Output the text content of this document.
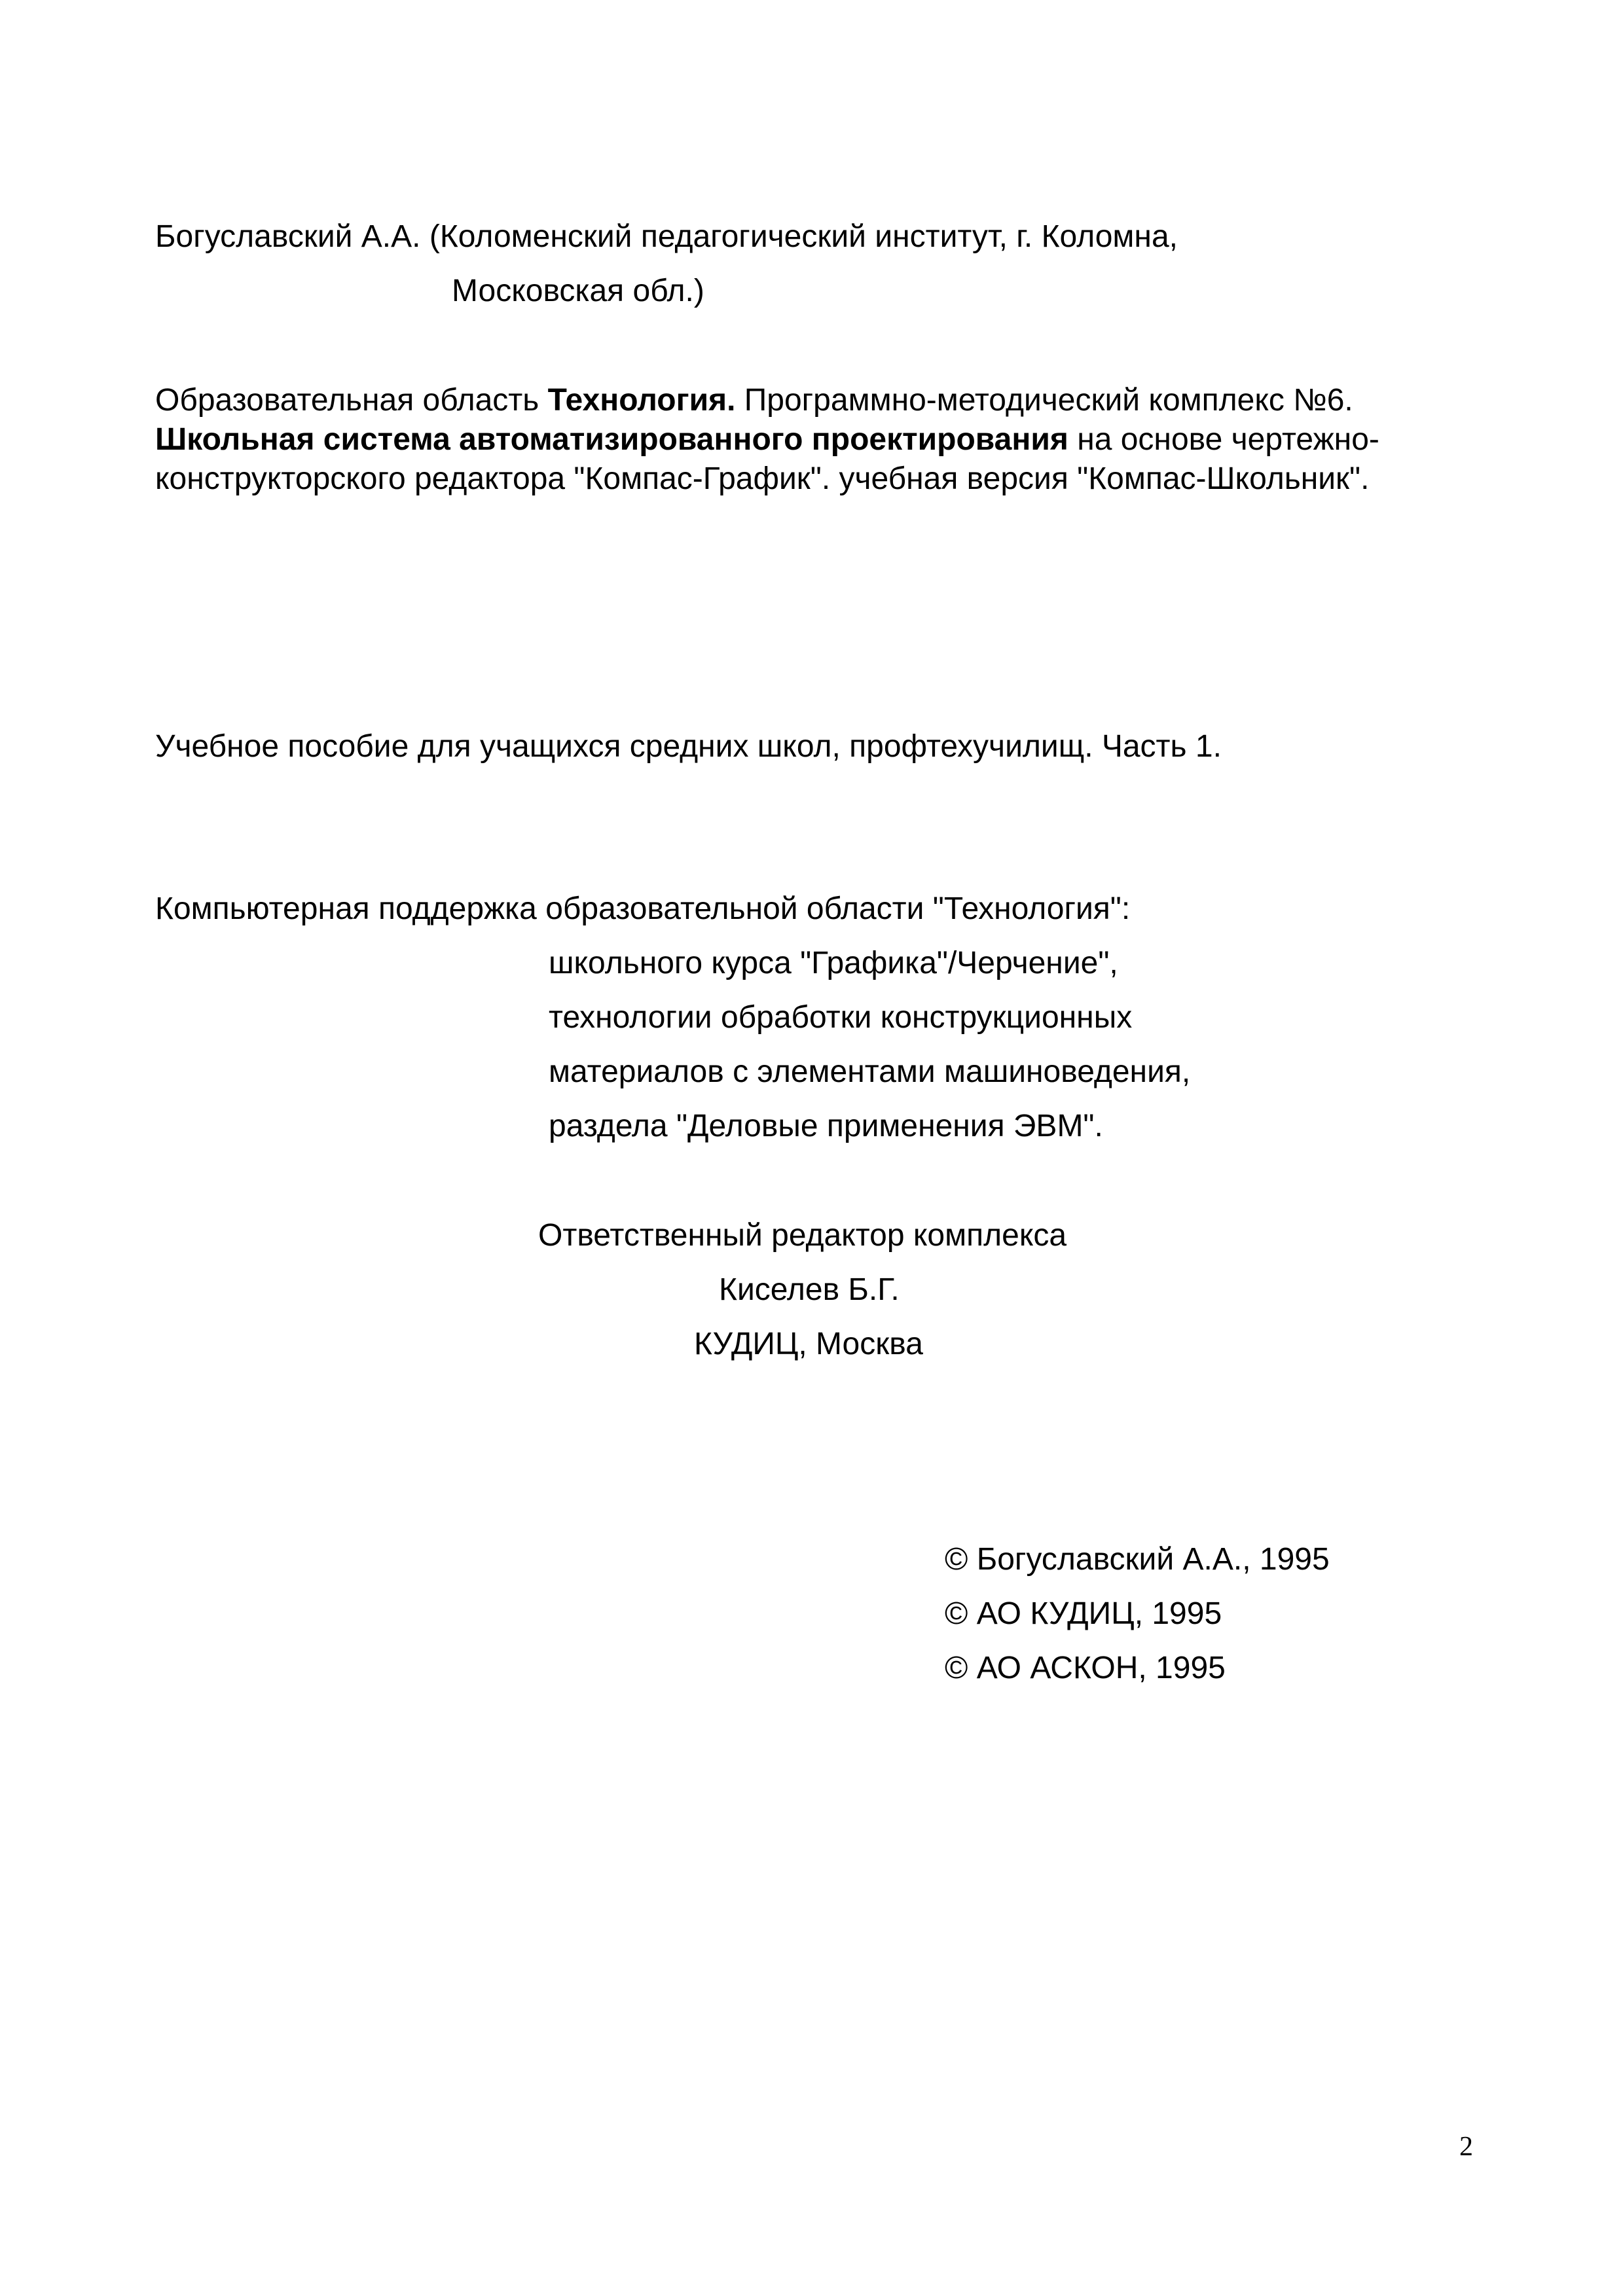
Богуславский А.А. (Коломенский педагогический институт, г. Коломна,
Московская обл.)
Образовательная область Технология. Программно-методический комплекс №6.
Школьная система автоматизированного проектирования на основе чертежно-
конструкторского редактора "Компас-График". учебная версия "Компас-Школьник".
Учебное пособие для учащихся средних школ, профтехучилищ. Часть 1.
Компьютерная поддержка образовательной области "Технология":
школьного курса "Графика"/Черчение",
технологии обработки конструкционных
материалов с элементами машиноведения,
раздела "Деловые применения ЭВМ".
Ответственный редактор комплекса
Киселев Б.Г.
КУДИЦ, Москва
© Богуславский А.А., 1995
© АО КУДИЦ, 1995
© АО АСКОН, 1995
2
